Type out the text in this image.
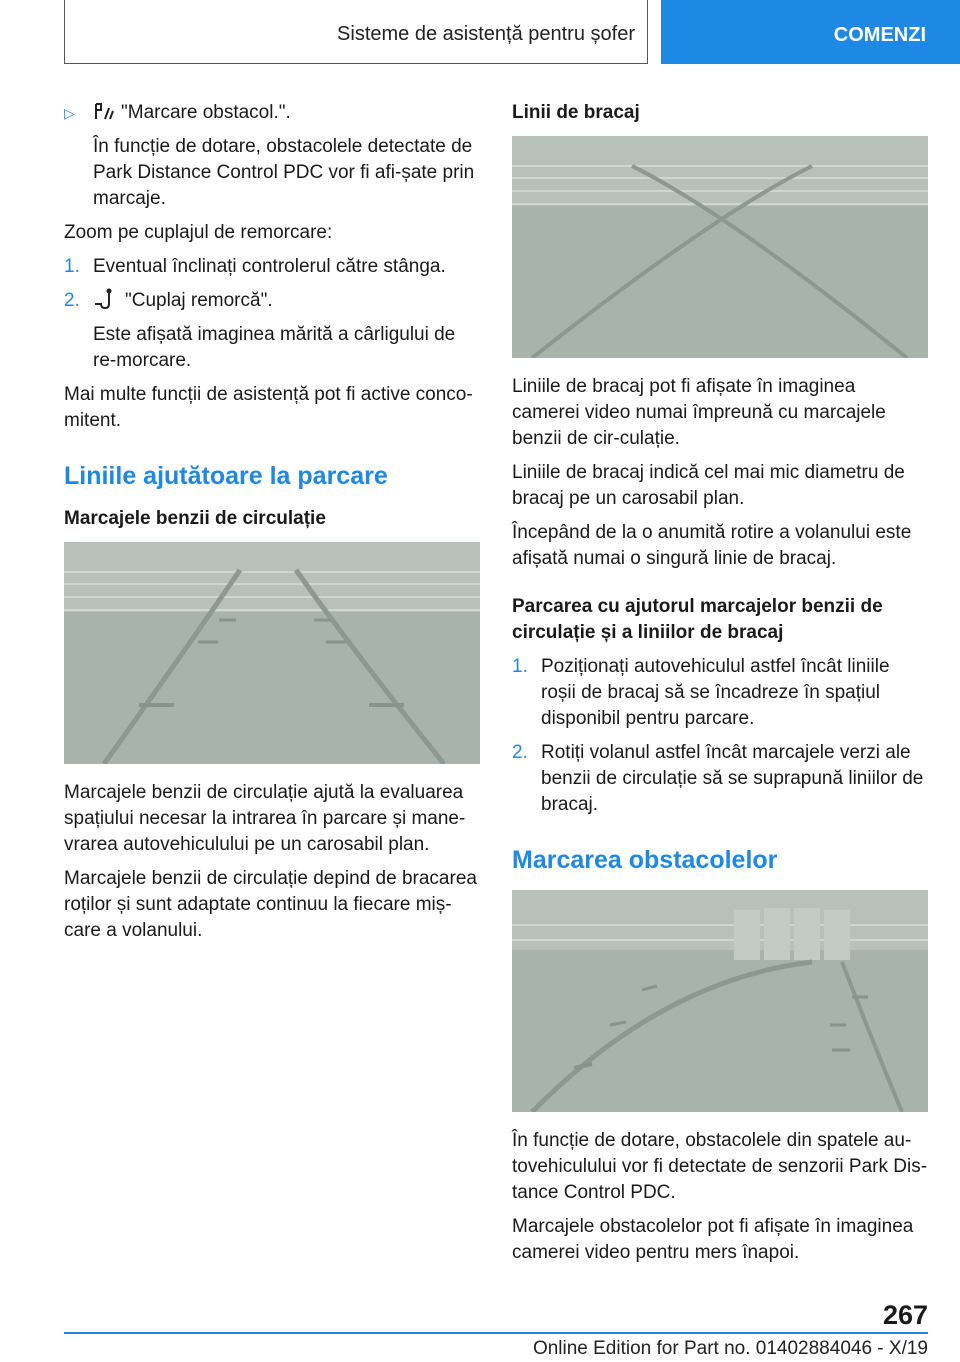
Sisteme de asistență pentru șofer	COMENZI
▷	"Marcare obstacol.".

În funcție de dotare, obstacolele detectate de Park Distance Control PDC vor fi afi-șate prin marcaje.

Zoom pe cuplajul de remorcare:

1. Eventual înclinați controlerul către stânga.
2.	"Cuplaj remorcă".

Este afișată imaginea mărită a cârligului de re-morcare.

Mai multe funcții de asistență pot fi active conco-mitent.

Liniile ajutătoare la parcare
Marcajele benzii de circulație

Marcajele benzii de circulație ajută la evaluarea spațiului necesar la intrarea în parcare și mane-vrarea autovehiculului pe un carosabil plan.

Marcajele benzii de circulație depind de bracarea roților și sunt adaptate continuu la fiecare miș-care a volanului.

Linii de bracaj

Liniile de bracaj pot fi afișate în imaginea camerei video numai împreună cu marcajele benzii de cir-culație.

Liniile de bracaj indică cel mai mic diametru de bracaj pe un carosabil plan.

Începând de la o anumită rotire a volanului este afișată numai o singură linie de bracaj.

Parcarea cu ajutorul marcajelor benzii de circulație și a liniilor de bracaj
1. Poziționați autovehiculul astfel încât liniile roșii de bracaj să se încadreze în spațiul disponibil pentru parcare.
2. Rotiți volanul astfel încât marcajele verzi ale benzii de circulație să se suprapună liniilor de bracaj.
Marcarea obstacolelor

În funcție de dotare, obstacolele din spatele au-tovehiculului vor fi detectate de senzorii Park Dis-tance Control PDC.

Marcajele obstacolelor pot fi afișate în imaginea camerei video pentru mers înapoi.

267
Online Edition for Part no. 01402884046 - X/19
